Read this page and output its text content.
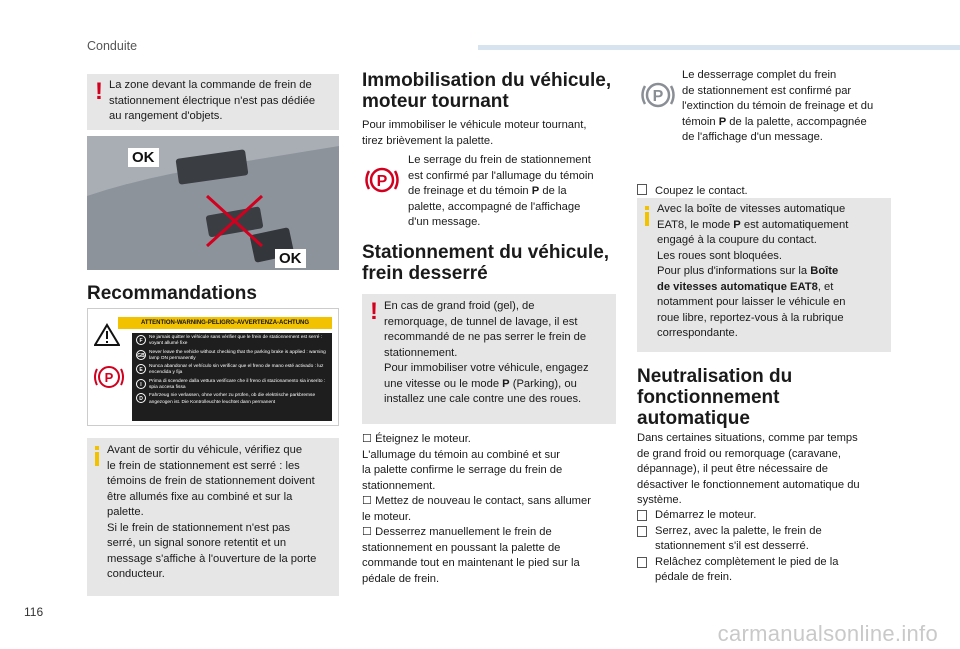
Conduite
! La zone devant la commande de frein de
stationnement électrique n'est pas dédiée
au rangement d'objets.
OK
OK
Recommandations
P
ATTENTION-WARNING-PELIGRO-AVVERTENZA-ACHTUNG
F
Ne jamais quitter le véhicule sans vérifier que le frein de stationnement est serré : voyant allumé fixe
GB
Never leave the vehicle without checking that the parking brake is applied : warning lamp ON permanently
E
Nunca abandonar el vehículo sin verificar que el freno de mano esté activado : luz encendida y fija
I
Prima di scendere dalla vettura verificare che il freno di stazionamento sia inserito : spia accesa fissa
D
Fahrzeug nie verlassen, ohne vorher zu prüfen, ob die elektrische parkbremse angezogen ist. Die Kontrolleuchte leuchtet dann permanent
Avant de sortir du véhicule, vérifiez que
le frein de stationnement est serré : les
témoins de frein de stationnement doivent
être allumés fixe au combiné et sur la
palette.
Si le frein de stationnement n'est pas
serré, un signal sonore retentit et un
message s'affiche à l'ouverture de la porte
conducteur.
Immobilisation du véhicule,
moteur tournant
Pour immobiliser le véhicule moteur tournant,
tirez brièvement la palette.
P
Le serrage du frein de stationnement
est confirmé par l'allumage du témoin
de freinage et du témoin P de la
palette, accompagné de l'affichage
d'un message.
Stationnement du véhicule,
frein desserré
! En cas de grand froid (gel), de
remorquage, de tunnel de lavage, il est
recommandé de ne pas serrer le frein de
stationnement.
Pour immobiliser votre véhicule, engagez
une vitesse ou le mode P (Parking), ou
installez une cale contre une des roues.
☐ Éteignez le moteur.
L'allumage du témoin au combiné et sur
la palette confirme le serrage du frein de
stationnement.
☐ Mettez de nouveau le contact, sans allumer
le moteur.
☐ Desserrez manuellement le frein de
stationnement en poussant la palette de
commande tout en maintenant le pied sur la
pédale de frein.
P
Le desserrage complet du frein
de stationnement est confirmé par
l'extinction du témoin de freinage et du
témoin P de la palette, accompagnée
de l'affichage d'un message.

Coupez le contact.

Avec la boîte de vitesses automatique
EAT8, le mode P est automatiquement
engagé à la coupure du contact.
Les roues sont bloquées.
Pour plus d'informations sur la Boîte
de vitesses automatique EAT8, et
notamment pour laisser le véhicule en
roue libre, reportez-vous à la rubrique
correspondante.
Neutralisation du
fonctionnement
automatique
Dans certaines situations, comme par temps
de grand froid ou remorquage (caravane,
dépannage), il peut être nécessaire de
désactiver le fonctionnement automatique du
système.
Démarrez le moteur.
Serrez, avec la palette, le frein de
stationnement s'il est desserré.
Relâchez complètement le pied de la
pédale de frein.
116
carmanualsonline.info
